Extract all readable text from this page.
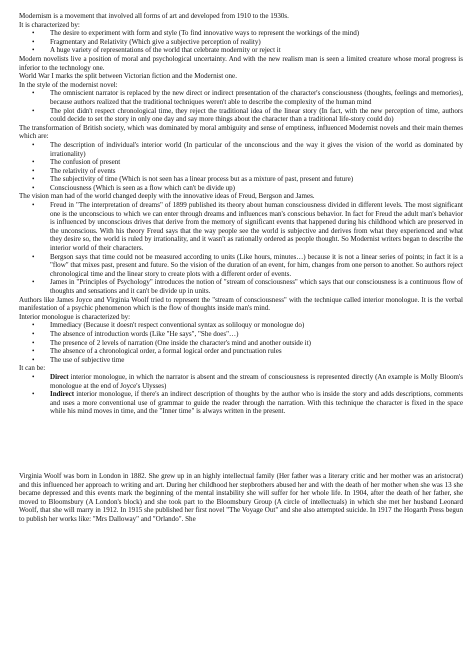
Modernism is a movement that involved all forms of art and developed from 1910 to the 1930s.

It is characterized by:

• The desire to experiment with form and style (To find innovative ways to represent the workings of the mind)
• Fragmentary and Relativity (Which give a subjective perception of reality)
• A huge variety of representations of the world that celebrate modernity or reject it

Modern novelists live a position of moral and psychological uncertainty. And with the new realism man is seen a limited creature whose moral progress is inferior to the technology one.

World War I marks the split between Victorian fiction and the Modernist one.

In the style of the modernist novel:

• The omniscient narrator is replaced by the new direct or indirect presentation of the character's consciousness (thoughts, feelings and memories), because authors realized that the traditional techniques weren't able to describe the complexity of the human mind
• The plot didn't respect chronological time, they reject the traditional idea of the linear story (In fact, with the new perception of time, authors could decide to set the story in only one day and say more things about the character than a traditional life-story could do)

The transformation of British society, which was dominated by moral ambiguity and sense of emptiness, influenced Modernist novels and their main themes which are:

• The description of individual's interior world (In particular of the unconscious and the way it gives the vision of the world as dominated by irrationality)
• The confusion of present
• The relativity of events
• The subjectivity of time (Which is not seen has a linear process but as a mixture of past, present and future)
• Consciousness (Which is seen as a flow which can't be divide up)

The vision man had of the world changed deeply with the innovative ideas of Freud, Bergson and James.

• Freud in "The interpretation of dreams" of 1899 published its theory about human consciousness divided in different levels. The most significant one is the unconscious to which we can enter through dreams and influences man's conscious behavior. In fact for Freud the adult man's behavior is influenced by unconscious drives that derive from the memory of significant events that happened during his childhood which are preserved in the unconscious. With his theory Freud says that the way people see the world is subjective and derives from what they experienced and what they desire so, the world is ruled by irrationality, and it wasn't as rationally ordered as people thought. So Modernist writers began to describe the interior world of their characters.
• Bergson says that time could not be measured according to units (Like hours, minutes…) because it is not a linear series of points; in fact it is a "flow" that mixes past, present and future. So the vision of the duration of an event, for him, changes from one person to another. So authors reject chronological time and the linear story to create plots with a different order of events.
• James in "Principles of Psychology" introduces the notion of "stream of consciousness" which says that our consciousness is a continuous flow of thoughts and sensations and it can't be divide up in units.

Authors like James Joyce and Virginia Woolf tried to represent the "stream of consciousness" with the technique called interior monologue. It is the verbal manifestation of a psychic phenomenon which is the flow of thoughts inside man's mind.

Interior monologue is characterized by:

• Immediacy (Because it doesn't respect conventional syntax as soliloquy or monologue do)
• The absence of introduction words (Like "He says", "She does"…)
• The presence of 2 levels of narration (One inside the character's mind and another outside it)
• The absence of a chronological order, a formal logical order and punctuation rules
• The use of subjective time

It can be:

• Direct interior monologue, in which the narrator is absent and the stream of consciousness is represented directly (An example is Molly Bloom's monologue at the end of Joyce's Ulysses)
• Indirect interior monologue, if there's an indirect description of thoughts by the author who is inside the story and adds descriptions, comments and uses a more conventional use of grammar to guide the reader through the narration. With this technique the character is fixed in the space while his mind moves in time, and the "Inner time" is always written in the present.

Virginia Woolf was born in London in 1882. She grew up in an highly intellectual family (Her father was a literary critic and her mother was an aristocrat) and this influenced her approach to writing and art. During her childhood her stepbrothers abused her and with the death of her mother when she was 13 she became depressed and this events mark the beginning of the mental instability she will suffer for her whole life. In 1904, after the death of her father, she moved to Bloomsbury (A London's block) and she took part to the Bloomsbury Group (A circle of intellectuals) in which she met her husband Leonard Woolf, that she will marry in 1912. In 1915 she published her first novel "The Voyage Out" and she also attempted suicide. In 1917 the Hogarth Press begun to publish her works like: "Mrs Dalloway" and "Orlando". She
